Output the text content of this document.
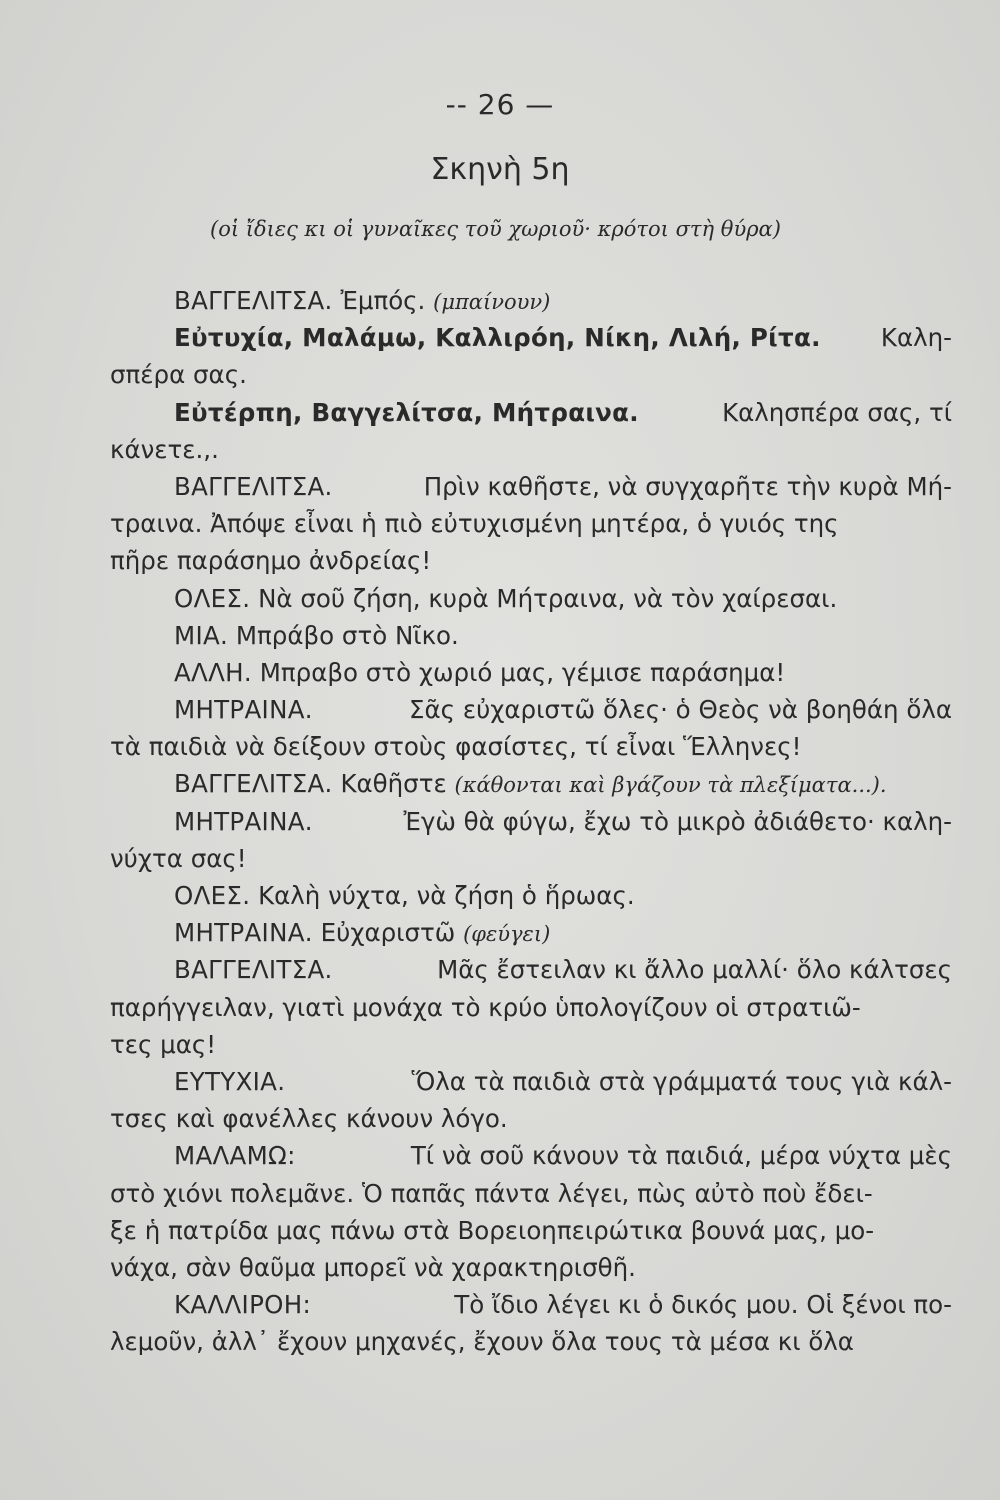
-- 26 —
Σκηνὴ 5η
(οἱ ἴδιες κι οἱ γυναῖκες τοῦ χωριοῦ· κρότοι στὴ θύρα)
ΒΑΓΓΕΛΙΤΣΑ. Ἐμπός. (μπαίνουν)
Εὐτυχία, Μαλάμω, Καλλιρόη, Νίκη, Λιλή, Ρίτα. Καλη-
σπέρα σας.
Εὐτέρπη, Βαγγελίτσα, Μήτραινα.	Καλησπέρα σας, τί
κάνετε.,.
ΒΑΓΓΕΛΙΤΣΑ.	Πρὶν καθῆστε, νὰ συγχαρῆτε τὴν κυρὰ Μή-
τραινα. Ἀπόψε εἶναι ἡ πιὸ εὐτυχισμένη μητέρα, ὁ γυιός της
πῆρε παράσημο ἀνδρείας!
ΟΛΕΣ. Νὰ σοῦ ζήση, κυρὰ Μήτραινα, νὰ τὸν χαίρεσαι.
ΜΙΑ. Μπράβο στὸ Νῖκο.
ΑΛΛΗ. Μπραβο στὸ χωριό μας, γέμισε παράσημα!
ΜΗΤΡΑΙΝΑ.	Σᾶς εὐχαριστῶ ὅλες· ὁ Θεὸς νὰ βοηθάη ὅλα
τὰ παιδιὰ νὰ δείξουν στοὺς φασίστες, τί εἶναι Ἕλληνες!
ΒΑΓΓΕΛΙΤΣΑ. Καθῆστε (κάθονται καὶ βγάζουν τὰ πλεξίματα...).
ΜΗΤΡΑΙΝΑ.	Ἐγὼ θὰ φύγω, ἔχω τὸ μικρὸ ἀδιάθετο· καλη-
νύχτα σας!
ΟΛΕΣ. Καλὴ νύχτα, νὰ ζήση ὁ ἥρωας.
ΜΗΤΡΑΙΝΑ. Εὐχαριστῶ (φεύγει)
ΒΑΓΓΕΛΙΤΣΑ.	Μᾶς ἔστειλαν κι ἄλλο μαλλί· ὅλο κάλτσες
παρήγγειλαν, γιατὶ μονάχα τὸ κρύο ὑπολογίζουν οἱ στρατιῶ-
τες μας!
ΕΥΤΥΧΙΑ.	Ὅλα τὰ παιδιὰ στὰ γράμματά τους γιὰ κάλ-
τσες καὶ φανέλλες κάνουν λόγο.
ΜΑΛΑΜΩ:	Τί νὰ σοῦ κάνουν τὰ παιδιά, μέρα νύχτα μὲς
στὸ χιόνι πολεμᾶνε. Ὁ παπᾶς πάντα λέγει, πὼς αὐτὸ ποὺ ἔδει-
ξε ἡ πατρίδα μας πάνω στὰ Βορειοηπειρώτικα βουνά μας, μο-
νάχα, σὰν θαῦμα μπορεῖ νὰ χαρακτηρισθῆ.
ΚΑΛΛΙΡΟΗ:	Τὸ ἴδιο λέγει κι ὁ δικός μου. Οἱ ξένοι πο-
λεμοῦν, ἀλλ᾽ ἔχουν μηχανές, ἔχουν ὅλα τους τὰ μέσα κι ὅλα
